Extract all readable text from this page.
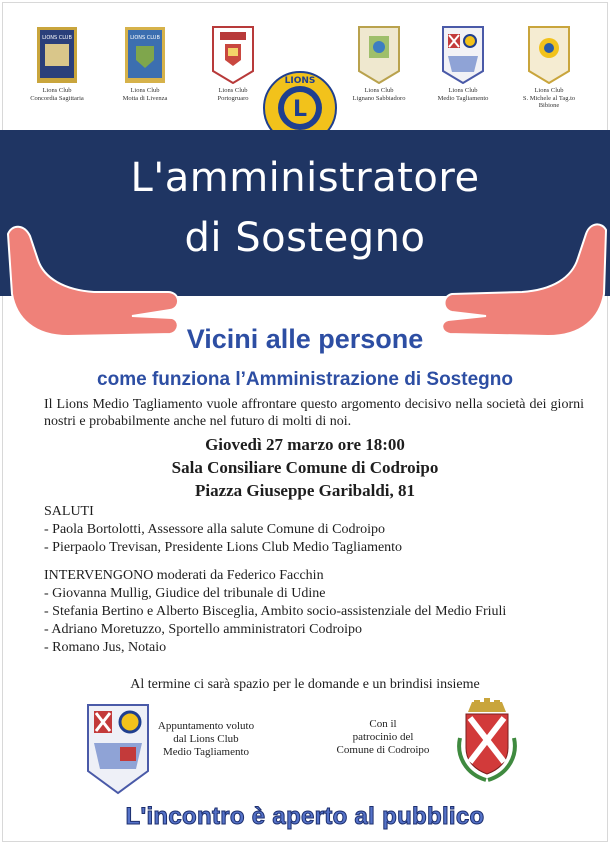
LIONS CLUB
Lions Club
Concordia Sagittaria
LIONS CLUB
Lions Club
Motta di Livenza
Lions Club
Portogruaro
Lions Club
Lignano Sabbiadoro
Lions Club
Medio Tagliamento
Lions Club
S. Michele al Tag.to
Bibione
L
LIONS
L'amministratore
di Sostegno
Vicini alle persone
come funziona l’Amministrazione di Sostegno
Il Lions Medio Tagliamento vuole affrontare questo argomento decisivo nella società dei giorni nostri e probabilmente anche nel futuro di molti di noi.
Giovedì 27 marzo ore 18:00
Sala Consiliare Comune di Codroipo
Piazza Giuseppe Garibaldi, 81
SALUTI
- Paola Bortolotti, Assessore alla salute Comune di Codroipo
- Pierpaolo Trevisan, Presidente Lions Club Medio Tagliamento
INTERVENGONO moderati da Federico Facchin
- Giovanna Mullig, Giudice del tribunale di Udine
- Stefania Bertino e Alberto Bisceglia, Ambito socio-assistenziale del Medio Friuli
- Adriano Moretuzzo, Sportello amministratori Codroipo
- Romano Jus, Notaio
Al termine ci sarà spazio per le domande e un brindisi insieme
Appuntamento voluto
dal Lions Club
Medio Tagliamento
Con il
patrocinio del
Comune di Codroipo
L'incontro è aperto al pubblico
